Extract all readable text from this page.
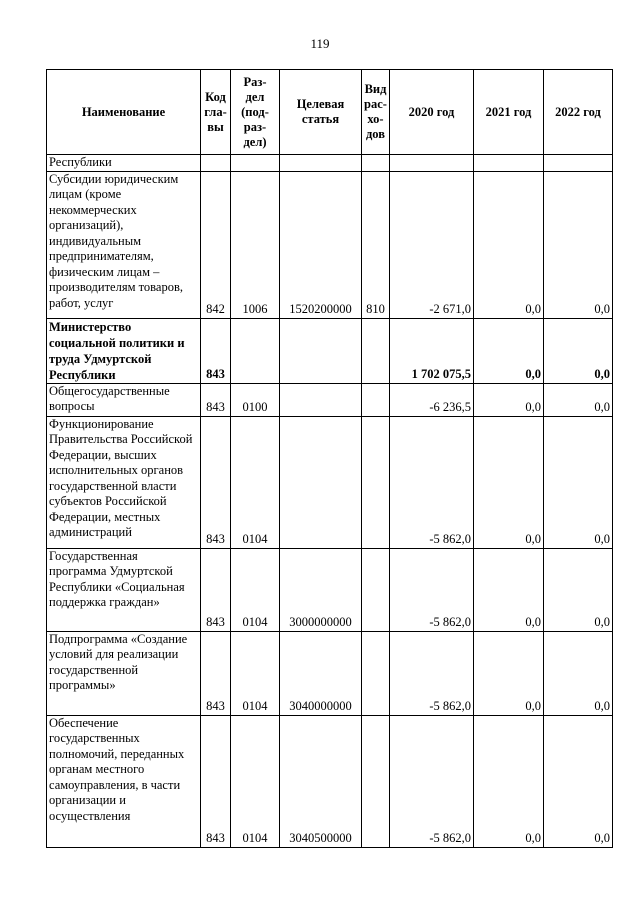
119
Наименование	Код гла- вы	Раз- дел (под- раз- дел)	Целевая статья	Вид рас- хо- дов	2020 год	2021 год	2022 год
Республики							
Субсидии юридическим лицам (кроме некоммерческих организаций), индивидуальным предпринимателям, физическим лицам – производителям товаров, работ, услуг	842	1006	1520200000	810	-2 671,0	0,0	0,0
Министерство социальной политики и труда Удмуртской Республики	843				1 702 075,5	0,0	0,0
Общегосударственные вопросы	843	0100			-6 236,5	0,0	0,0
Функционирование Правительства Российской Федерации, высших исполнительных органов государственной власти субъектов Российской Федерации, местных администраций	843	0104			-5 862,0	0,0	0,0
Государственная программа Удмуртской Республики «Социальная поддержка граждан»	843	0104	3000000000		-5 862,0	0,0	0,0
Подпрограмма «Создание условий для реализации государственной программы»	843	0104	3040000000		-5 862,0	0,0	0,0
Обеспечение государственных полномочий, переданных органам местного самоуправления, в части организации и осуществления	843	0104	3040500000		-5 862,0	0,0	0,0
